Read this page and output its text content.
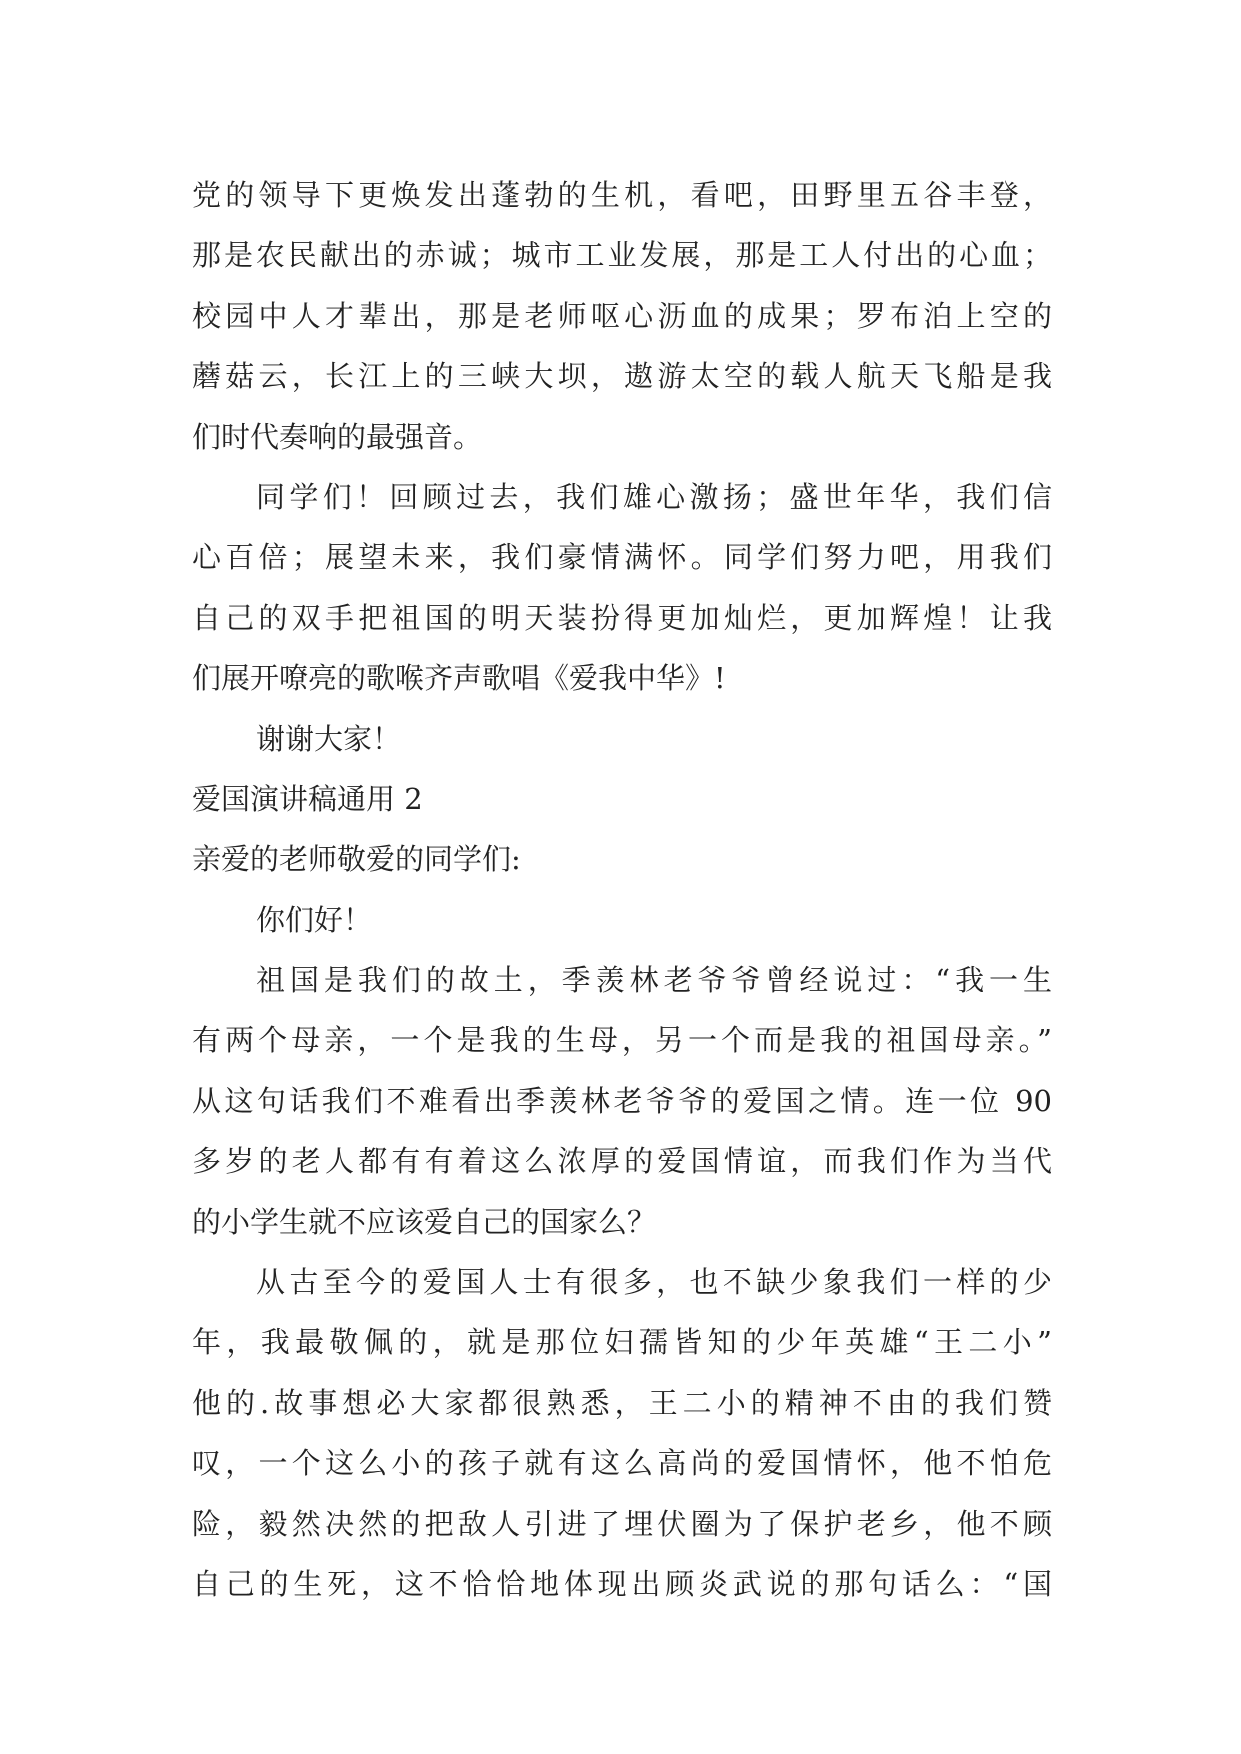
党的领导下更焕发出蓬勃的生机，看吧，田野里五谷丰登，
那是农民献出的赤诚；城市工业发展，那是工人付出的心血；
校园中人才辈出，那是老师呕心沥血的成果；罗布泊上空的
蘑菇云，长江上的三峡大坝，遨游太空的载人航天飞船是我
们时代奏响的最强音。
同学们！回顾过去，我们雄心激扬；盛世年华，我们信
心百倍；展望未来，我们豪情满怀。同学们努力吧，用我们
自己的双手把祖国的明天装扮得更加灿烂，更加辉煌！让我
们展开嘹亮的歌喉齐声歌唱《爱我中华》!
谢谢大家！
爱国演讲稿通用 2
亲爱的老师敬爱的同学们:
你们好！
祖国是我们的故土，季羡林老爷爷曾经说过：“我一生
有两个母亲，一个是我的生母，另一个而是我的祖国母亲。”
从这句话我们不难看出季羡林老爷爷的爱国之情。连一位 90
多岁的老人都有有着这么浓厚的爱国情谊，而我们作为当代
的小学生就不应该爱自己的国家么？
从古至今的爱国人士有很多，也不缺少象我们一样的少
年，我最敬佩的，就是那位妇孺皆知的少年英雄“王二小”
他的.故事想必大家都很熟悉，王二小的精神不由的我们赞
叹，一个这么小的孩子就有这么高尚的爱国情怀，他不怕危
险，毅然决然的把敌人引进了埋伏圈为了保护老乡，他不顾
自己的生死，这不恰恰地体现出顾炎武说的那句话么：“国
